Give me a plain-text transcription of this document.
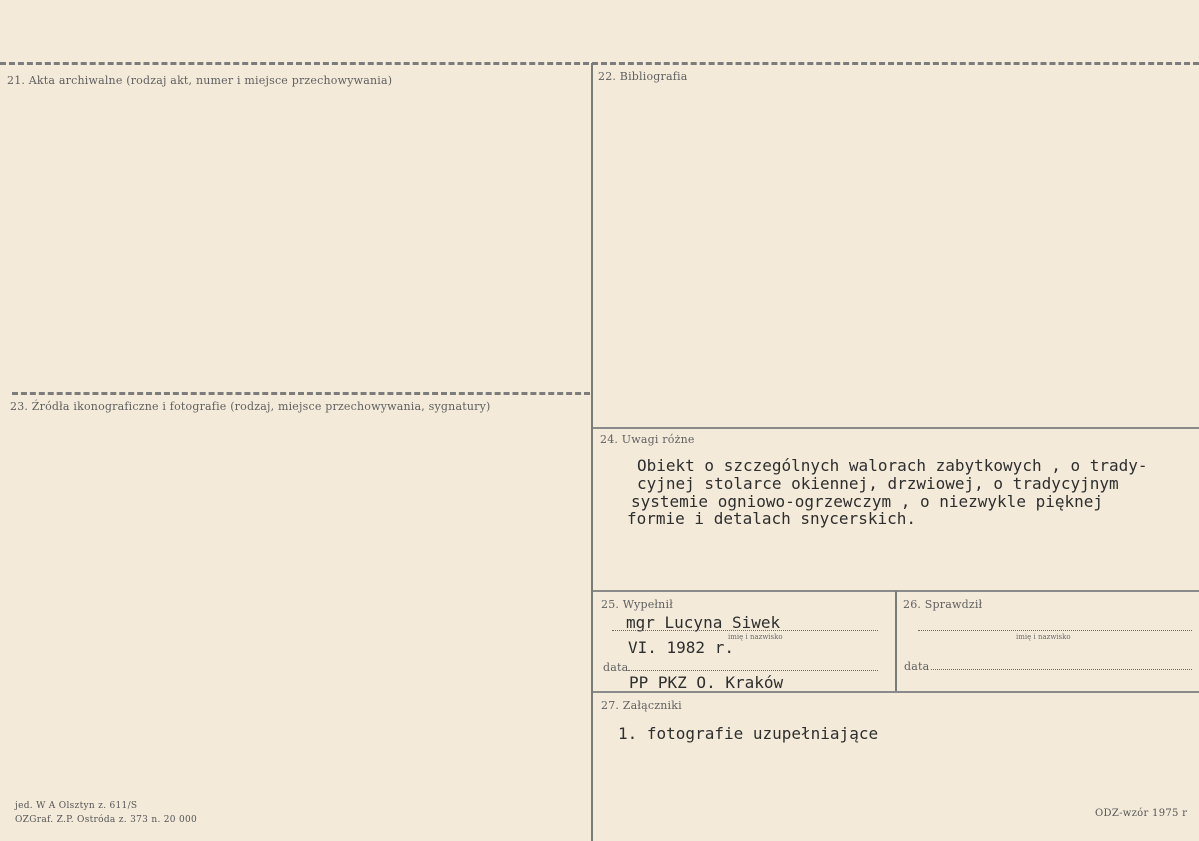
21. Akta archiwalne (rodzaj akt, numer i miejsce przechowywania)	22. Bibliografia
23. Źródła ikonograficzne i fotografie (rodzaj, miejsce przechowywania, sygnatury)
24. Uwagi różne
Obiekt o szczególnych walorach zabytkowych , o trady-
cyjnej stolarce okiennej, drzwiowej, o tradycyjnym
systemie ogniowo-ogrzewczym , o niezwykle pięknej
formie i detalach snycerskich.
25. Wypełnił
mgr Lucyna Siwek
imię i nazwisko
VI. 1982 r.
data
PP PKZ O. Kraków
26. Sprawdził
imię i nazwisko
data
27. Załączniki
1. fotografie uzupełniające
jed. W A Olsztyn z. 611/S
OZGraf. Z.P. Ostróda z. 373 n. 20 000
ODZ-wzór 1975 r
